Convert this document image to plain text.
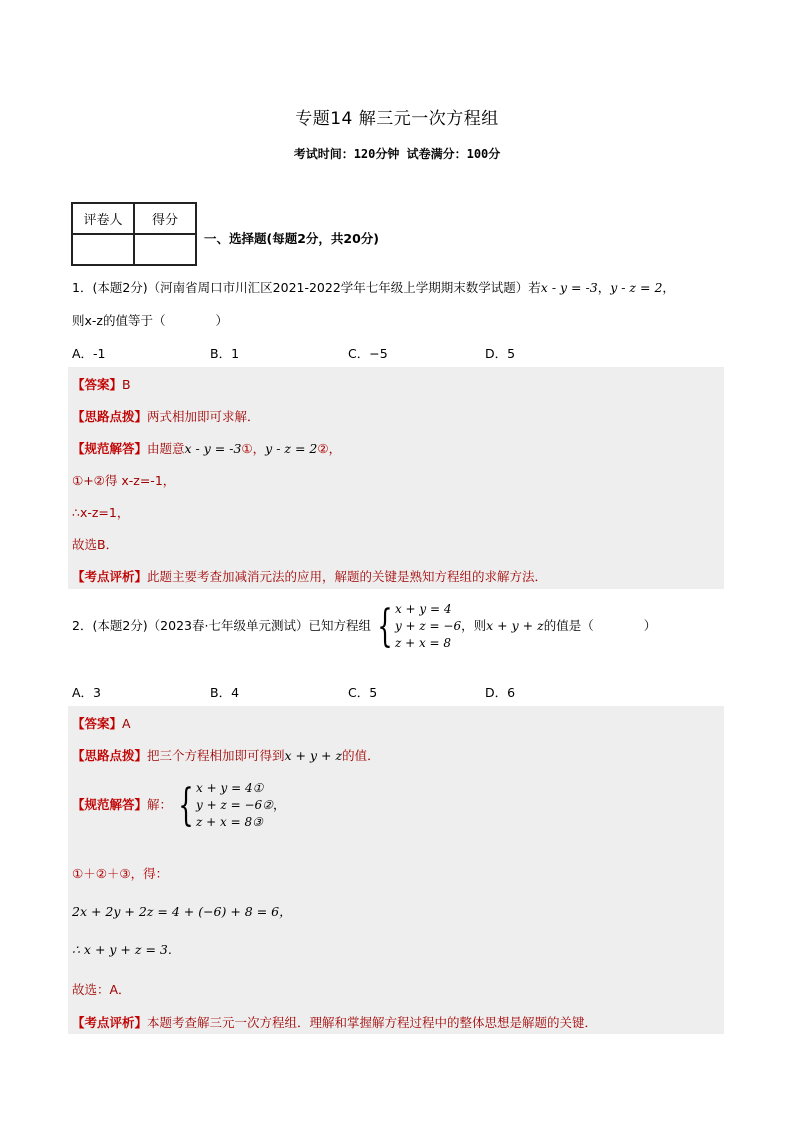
专题14 解三元一次方程组
考试时间：120分钟 试卷满分：100分
评卷人	得分

一、选择题(每题2分，共20分)
1．(本题2分)（河南省周口市川汇区2021-2022学年七年级上学期期末数学试题）若x - y = -3，y - z = 2，
则x-z的值等于（　　　　）
A．-1	B．1	C．−5	D．5
【答案】B
【思路点拨】两式相加即可求解．
【规范解答】由题意x - y = -3①，y - z = 2②，
①+②得 x-z=-1，
∴x-z=1，
故选B．
【考点评析】此题主要考查加减消元法的应用，解题的关键是熟知方程组的求解方法．
2．(本题2分)（2023春·七年级单元测试）已知方程组 { x + y = 4
y + z = −6
z + x = 8
，则x + y + z的值是（　　　　）
A．3	B．4	C．5	D．6
【答案】A
【思路点拨】把三个方程相加即可得到x + y + z的值．
【规范解答】解： { x + y = 4①
y + z = −6②
z + x = 8③
，
①＋②＋③，得：
2x + 2y + 2z = 4 + (−6) + 8 = 6，
∴ x + y + z = 3.
故选：A．
【考点评析】本题考查解三元一次方程组．理解和掌握解方程过程中的整体思想是解题的关键．
